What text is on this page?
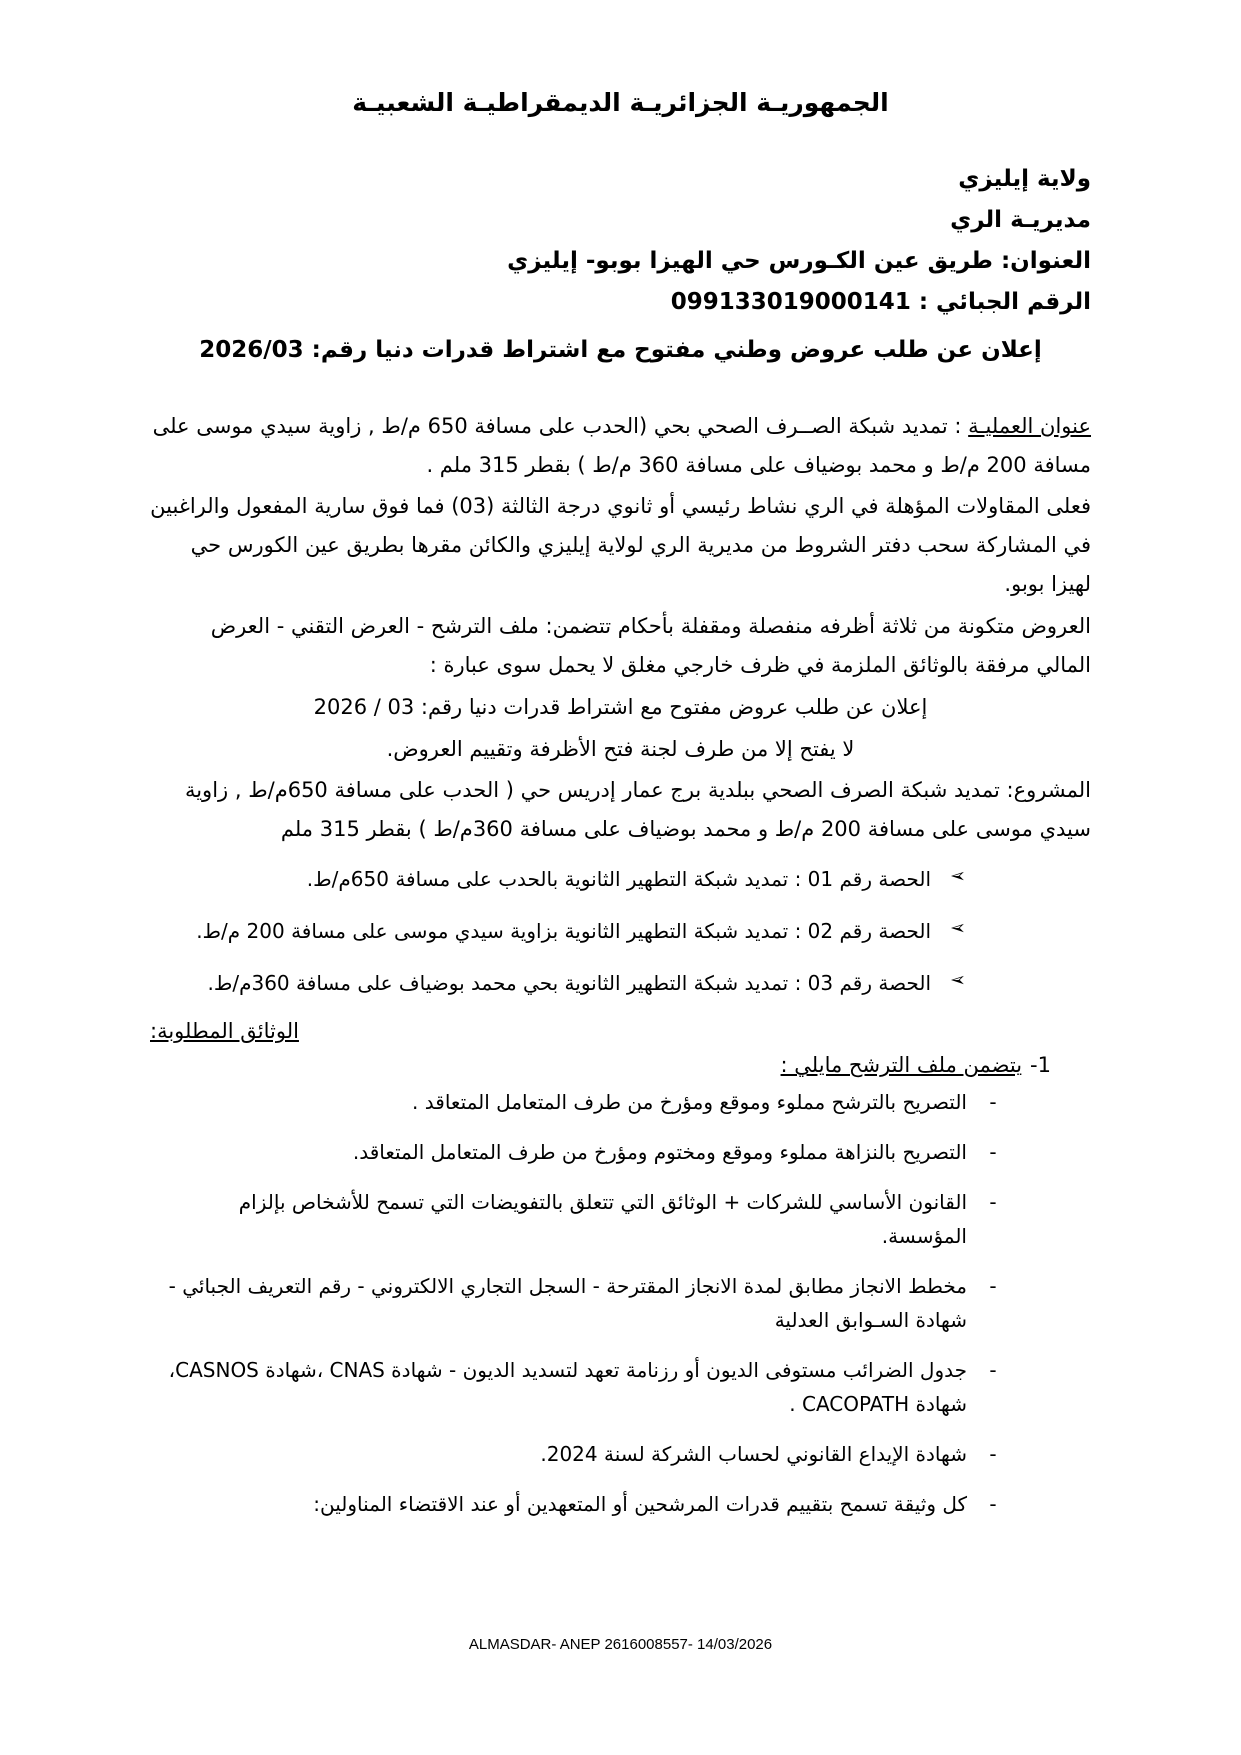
الجمهوريـة الجزائريـة الديمقراطيـة الشعبيـة

ولاية إيليزي

مديريـة الري

العنوان: طريق عين الكـورس حي الهيزا بوبو- إيليزي

الرقم الجبائي : 099133019000141

إعلان عن طلب عروض وطني مفتوح مع اشتراط قدرات دنيا رقم: 2026/03

عنوان العمليـة : تمديد شبكة الصــرف الصحي بحي (الحدب على مسافة 650 م/ط , زاوية سيدي موسى على مسافة 200 م/ط و محمد بوضياف على مسافة 360 م/ط ) بقطر 315 ملم .

فعلى المقاولات المؤهلة في الري نشاط رئيسي أو ثانوي درجة الثالثة (03) فما فوق سارية المفعول والراغبين في المشاركة سحب دفتر الشروط من مديرية الري لولاية إيليزي والكائن مقرها بطريق عين الكورس حي لهيزا بوبو.

العروض متكونة من ثلاثة أظرفه منفصلة ومقفلة بأحكام تتضمن: ملف الترشح - العرض التقني - العرض المالي مرفقة بالوثائق الملزمة في ظرف خارجي مغلق لا يحمل سوى عبارة :

إعلان عن طلب عروض مفتوح مع اشتراط قدرات دنيا رقم: 03 / 2026

لا يفتح إلا من طرف لجنة فتح الأظرفة وتقييم العروض.

المشروع: تمديد شبكة الصرف الصحي ببلدية برج عمار إدريس حي ( الحدب على مسافة 650م/ط , زاوية سيدي موسى على مسافة 200 م/ط و محمد بوضياف على مسافة 360م/ط ) بقطر 315 ملم

➢
الحصة رقم 01 : تمديد شبكة التطهير الثانوية بالحدب على مسافة 650م/ط.
➢
الحصة رقم 02 : تمديد شبكة التطهير الثانوية بزاوية سيدي موسى على مسافة 200 م/ط.
➢
الحصة رقم 03 : تمديد شبكة التطهير الثانوية بحي محمد بوضياف على مسافة 360م/ط.
الوثائق المطلوبة:
1-يتضمن ملف الترشح مايلي :
-
التصريح بالترشح مملوء وموقع ومؤرخ من طرف المتعامل المتعاقد .
-
التصريح بالنزاهة مملوء وموقع ومختوم ومؤرخ من طرف المتعامل المتعاقد.
-
القانون الأساسي للشركات + الوثائق التي تتعلق بالتفويضات التي تسمح للأشخاص بإلزام المؤسسة.
-
مخطط الانجاز مطابق لمدة الانجاز المقترحة - السجل التجاري الالكتروني - رقم التعريف الجبائي - شهادة السـوابق العدلية
-
جدول الضرائب مستوفى الديون أو رزنامة تعهد لتسديد الديون - شهادة CNAS ،شهادة CASNOS، شهادة CACOPATH .
-
شهادة الإيداع القانوني لحساب الشركة لسنة 2024.
-
كل وثيقة تسمح بتقييم قدرات المرشحين أو المتعهدين أو عند الاقتضاء المناولين:
ALMASDAR- ANEP 2616008557- 14/03/2026
